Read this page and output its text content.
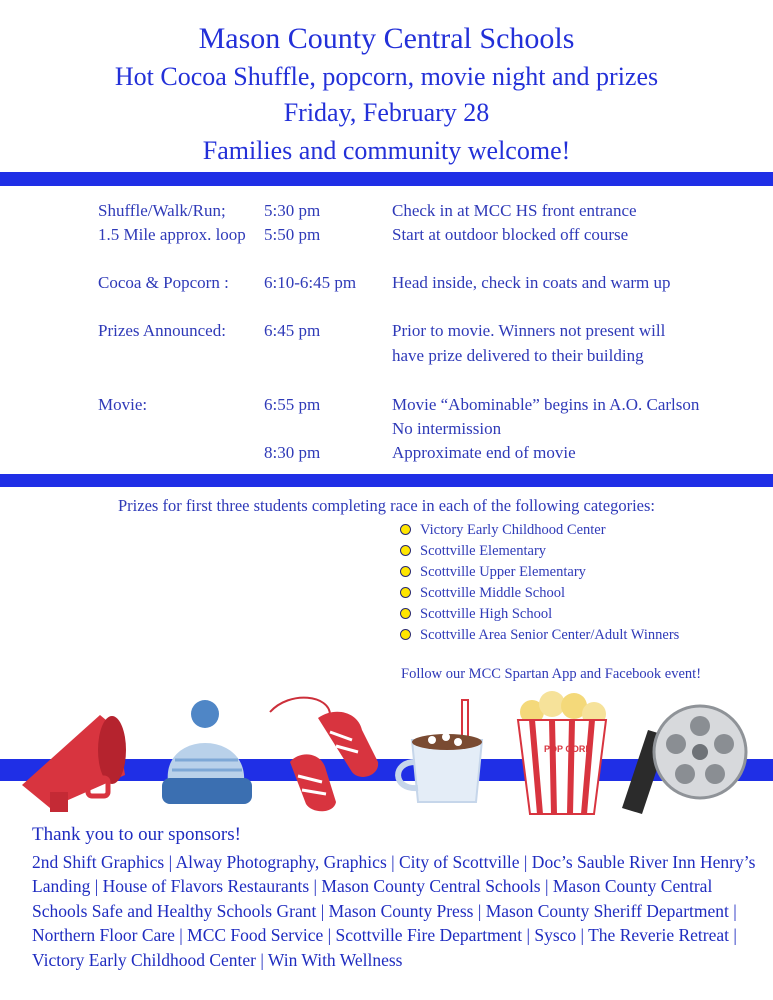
Mason County Central Schools
Hot Cocoa Shuffle, popcorn, movie night and prizes
Friday, February 28
Families and community welcome!
Shuffle/Walk/Run; 5:30 pm	Check in at MCC HS front entrance
1.5 Mile approx. loop 5:50 pm	Start at outdoor blocked off course
Cocoa & Popcorn : 6:10-6:45 pm Head inside, check in coats and warm up
Prizes Announced: 6:45 pm	Prior to movie. Winners not present will
have prize delivered to their building
Movie:	6:55 pm	Movie “Abominable” begins in A.O. Carlson
No intermission
8:30 pm	Approximate end of movie
Prizes for first three students completing race in each of the following categories:
Victory Early Childhood Center
Scottville Elementary
Scottville Upper Elementary
Scottville Middle School
Scottville High School
Scottville Area Senior Center/Adult Winners
Follow our MCC Spartan App and Facebook event!
POP CORN
Thank you to our sponsors!
2nd Shift Graphics | Alway Photography, Graphics | City of Scottville | Doc’s Sauble River Inn Henry’s Landing | House of Flavors Restaurants | Mason County Central Schools | Mason County Central Schools Safe and Healthy Schools Grant | Mason County Press | Mason County Sheriff Department | Northern Floor Care | MCC Food Service | Scottville Fire Department | Sysco | The Reverie Retreat | Victory Early Childhood Center | Win With Wellness
